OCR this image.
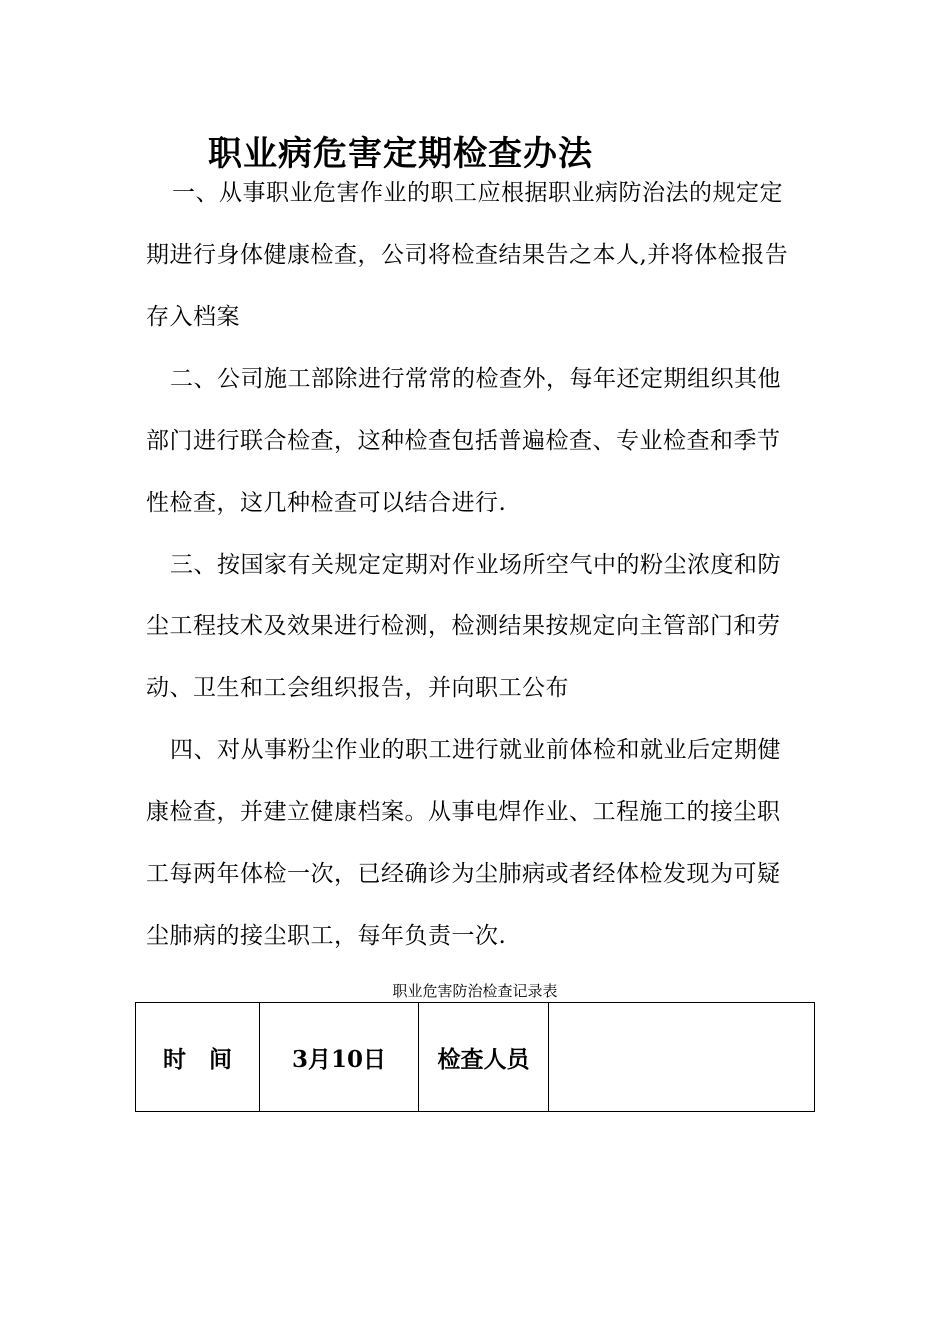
职业病危害定期检查办法
一、从事职业危害作业的职工应根据职业病防治法的规定定
期进行身体健康检查，公司将检查结果告之本人,并将体检报告
存入档案
二、公司施工部除进行常常的检查外，每年还定期组织其他
部门进行联合检查，这种检查包括普遍检查、专业检查和季节
性检查，这几种检查可以结合进行.
三、按国家有关规定定期对作业场所空气中的粉尘浓度和防
尘工程技术及效果进行检测，检测结果按规定向主管部门和劳
动、卫生和工会组织报告，并向职工公布
四、对从事粉尘作业的职工进行就业前体检和就业后定期健
康检查，并建立健康档案。从事电焊作业、工程施工的接尘职
工每两年体检一次，已经确诊为尘肺病或者经体检发现为可疑
尘肺病的接尘职工，每年负责一次.
职业危害防治检查记录表
时　间	3月10日	检查人员	
